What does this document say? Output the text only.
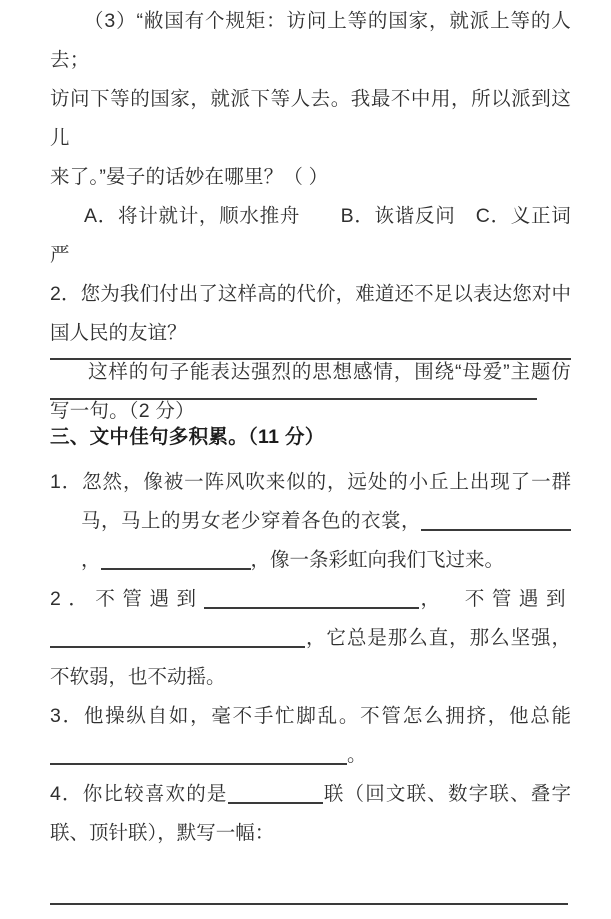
（3）“敝国有个规矩：访问上等的国家，就派上等的人去；

访问下等的国家，就派下等人去。我最不中用，所以派到这儿

来了。”晏子的话妙在哪里？（ ）

A．将计就计，顺水推舟　　B．诙谐反问　C．义正词严

2．您为我们付出了这样高的代价，难道还不足以表达您对中国人民的友谊？

这样的句子能表达强烈的思想感情，围绕“母爱”主题仿写一句。（2 分）

三、文中佳句多积累。（11 分）

1．忽然，像被一阵风吹来似的，远处的小丘上出现了一群马，马上的男女老少穿着各色的衣裳，，	，像一条彩虹向我们飞过来。

2．不管遇到	，　不管遇到，它总是那么直，那么坚强，不软弱，也不动摇。

3．他操纵自如，毫不手忙脚乱。不管怎么拥挤，他总能。

4．你比较喜欢的是	联（回文联、数字联、叠字联、顶针联），默写一幅：
